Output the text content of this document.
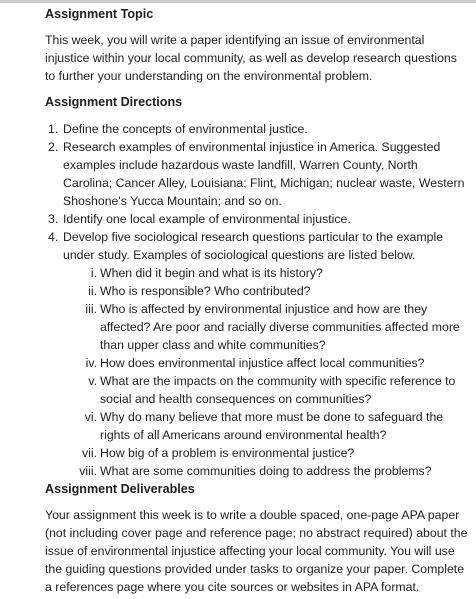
Assignment Topic

This week, you will write a paper identifying an issue of environmental injustice within your local community, as well as develop research questions to further your understanding on the environmental problem.

Assignment Directions
1. Define the concepts of environmental justice.
2. Research examples of environmental injustice in America. Suggested examples include hazardous waste landfill, Warren County, North Carolina; Cancer Alley, Louisiana; Flint, Michigan; nuclear waste, Western Shoshone's Yucca Mountain; and so on.
3. Identify one local example of environmental injustice.
4. Develop five sociological research questions particular to the example under study. Examples of sociological questions are listed below.
i. When did it begin and what is its history?
ii. Who is responsible? Who contributed?
iii. Who is affected by environmental injustice and how are they affected? Are poor and racially diverse communities affected more than upper class and white communities?
iv. How does environmental injustice affect local communities?
v. What are the impacts on the community with specific reference to social and health consequences on communities?
vi. Why do many believe that more must be done to safeguard the rights of all Americans around environmental health?
vii. How big of a problem is environmental justice?
viii. What are some communities doing to address the problems?
Assignment Deliverables

Your assignment this week is to write a double spaced, one-page APA paper (not including cover page and reference page; no abstract required) about the issue of environmental injustice affecting your local community. You will use the guiding questions provided under tasks to organize your paper. Complete a references page where you cite sources or websites in APA format.
